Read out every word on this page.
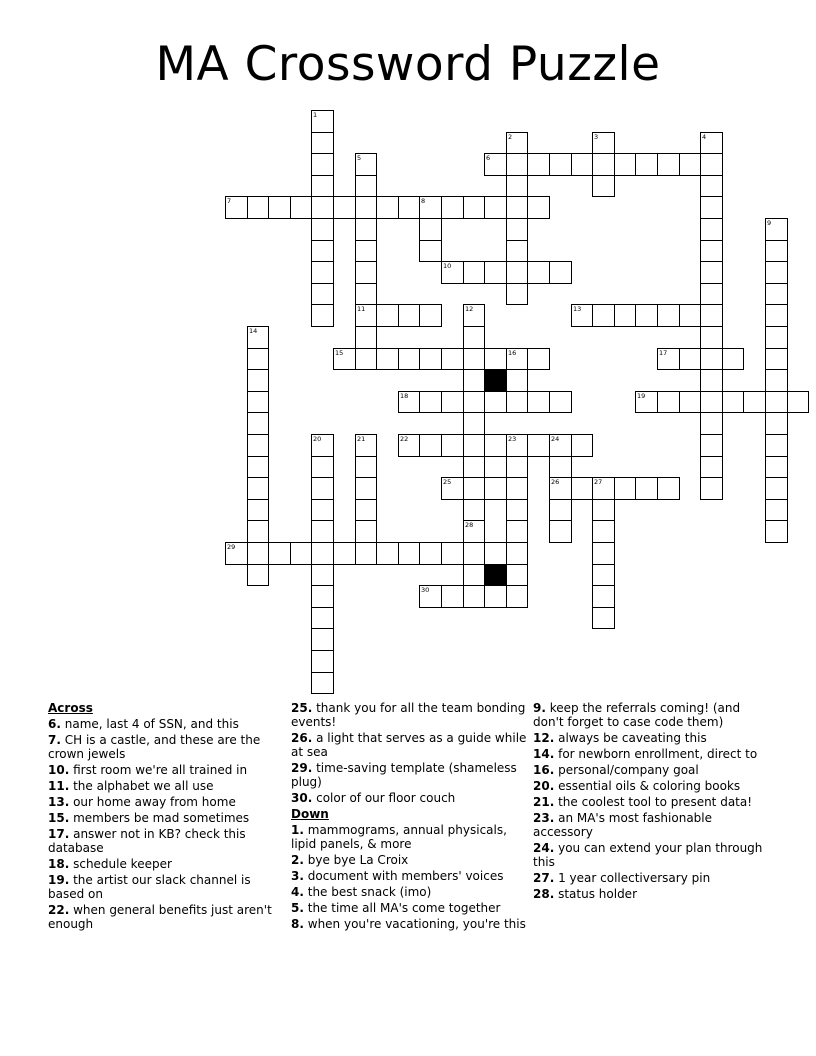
MA Crossword Puzzle
1
2	3	4
5
11
6
7	8
9
10
12
28
13
14
15	16	17
18	19
20	21	22	23	24
26
25	27
29
30
Across
6. name, last 4 of SSN, and this
7. CH is a castle, and these are the crown jewels
10. first room we're all trained in
11. the alphabet we all use
13. our home away from home
15. members be mad sometimes
17. answer not in KB? check this database
18. schedule keeper
19. the artist our slack channel is based on
22. when general benefits just aren't enough
25. thank you for all the team bonding events!
26. a light that serves as a guide while at sea
29. time-saving template (shameless plug)
30. color of our floor couch
Down
1. mammograms, annual physicals, lipid panels, & more
2. bye bye La Croix
3. document with members' voices
4. the best snack (imo)
5. the time all MA's come together
8. when you're vacationing, you're this
9. keep the referrals coming! (and don't forget to case code them)
12. always be caveating this
14. for newborn enrollment, direct to
16. personal/company goal
20. essential oils & coloring books
21. the coolest tool to present data!
23. an MA's most fashionable accessory
24. you can extend your plan through this
27. 1 year collectiversary pin
28. status holder
